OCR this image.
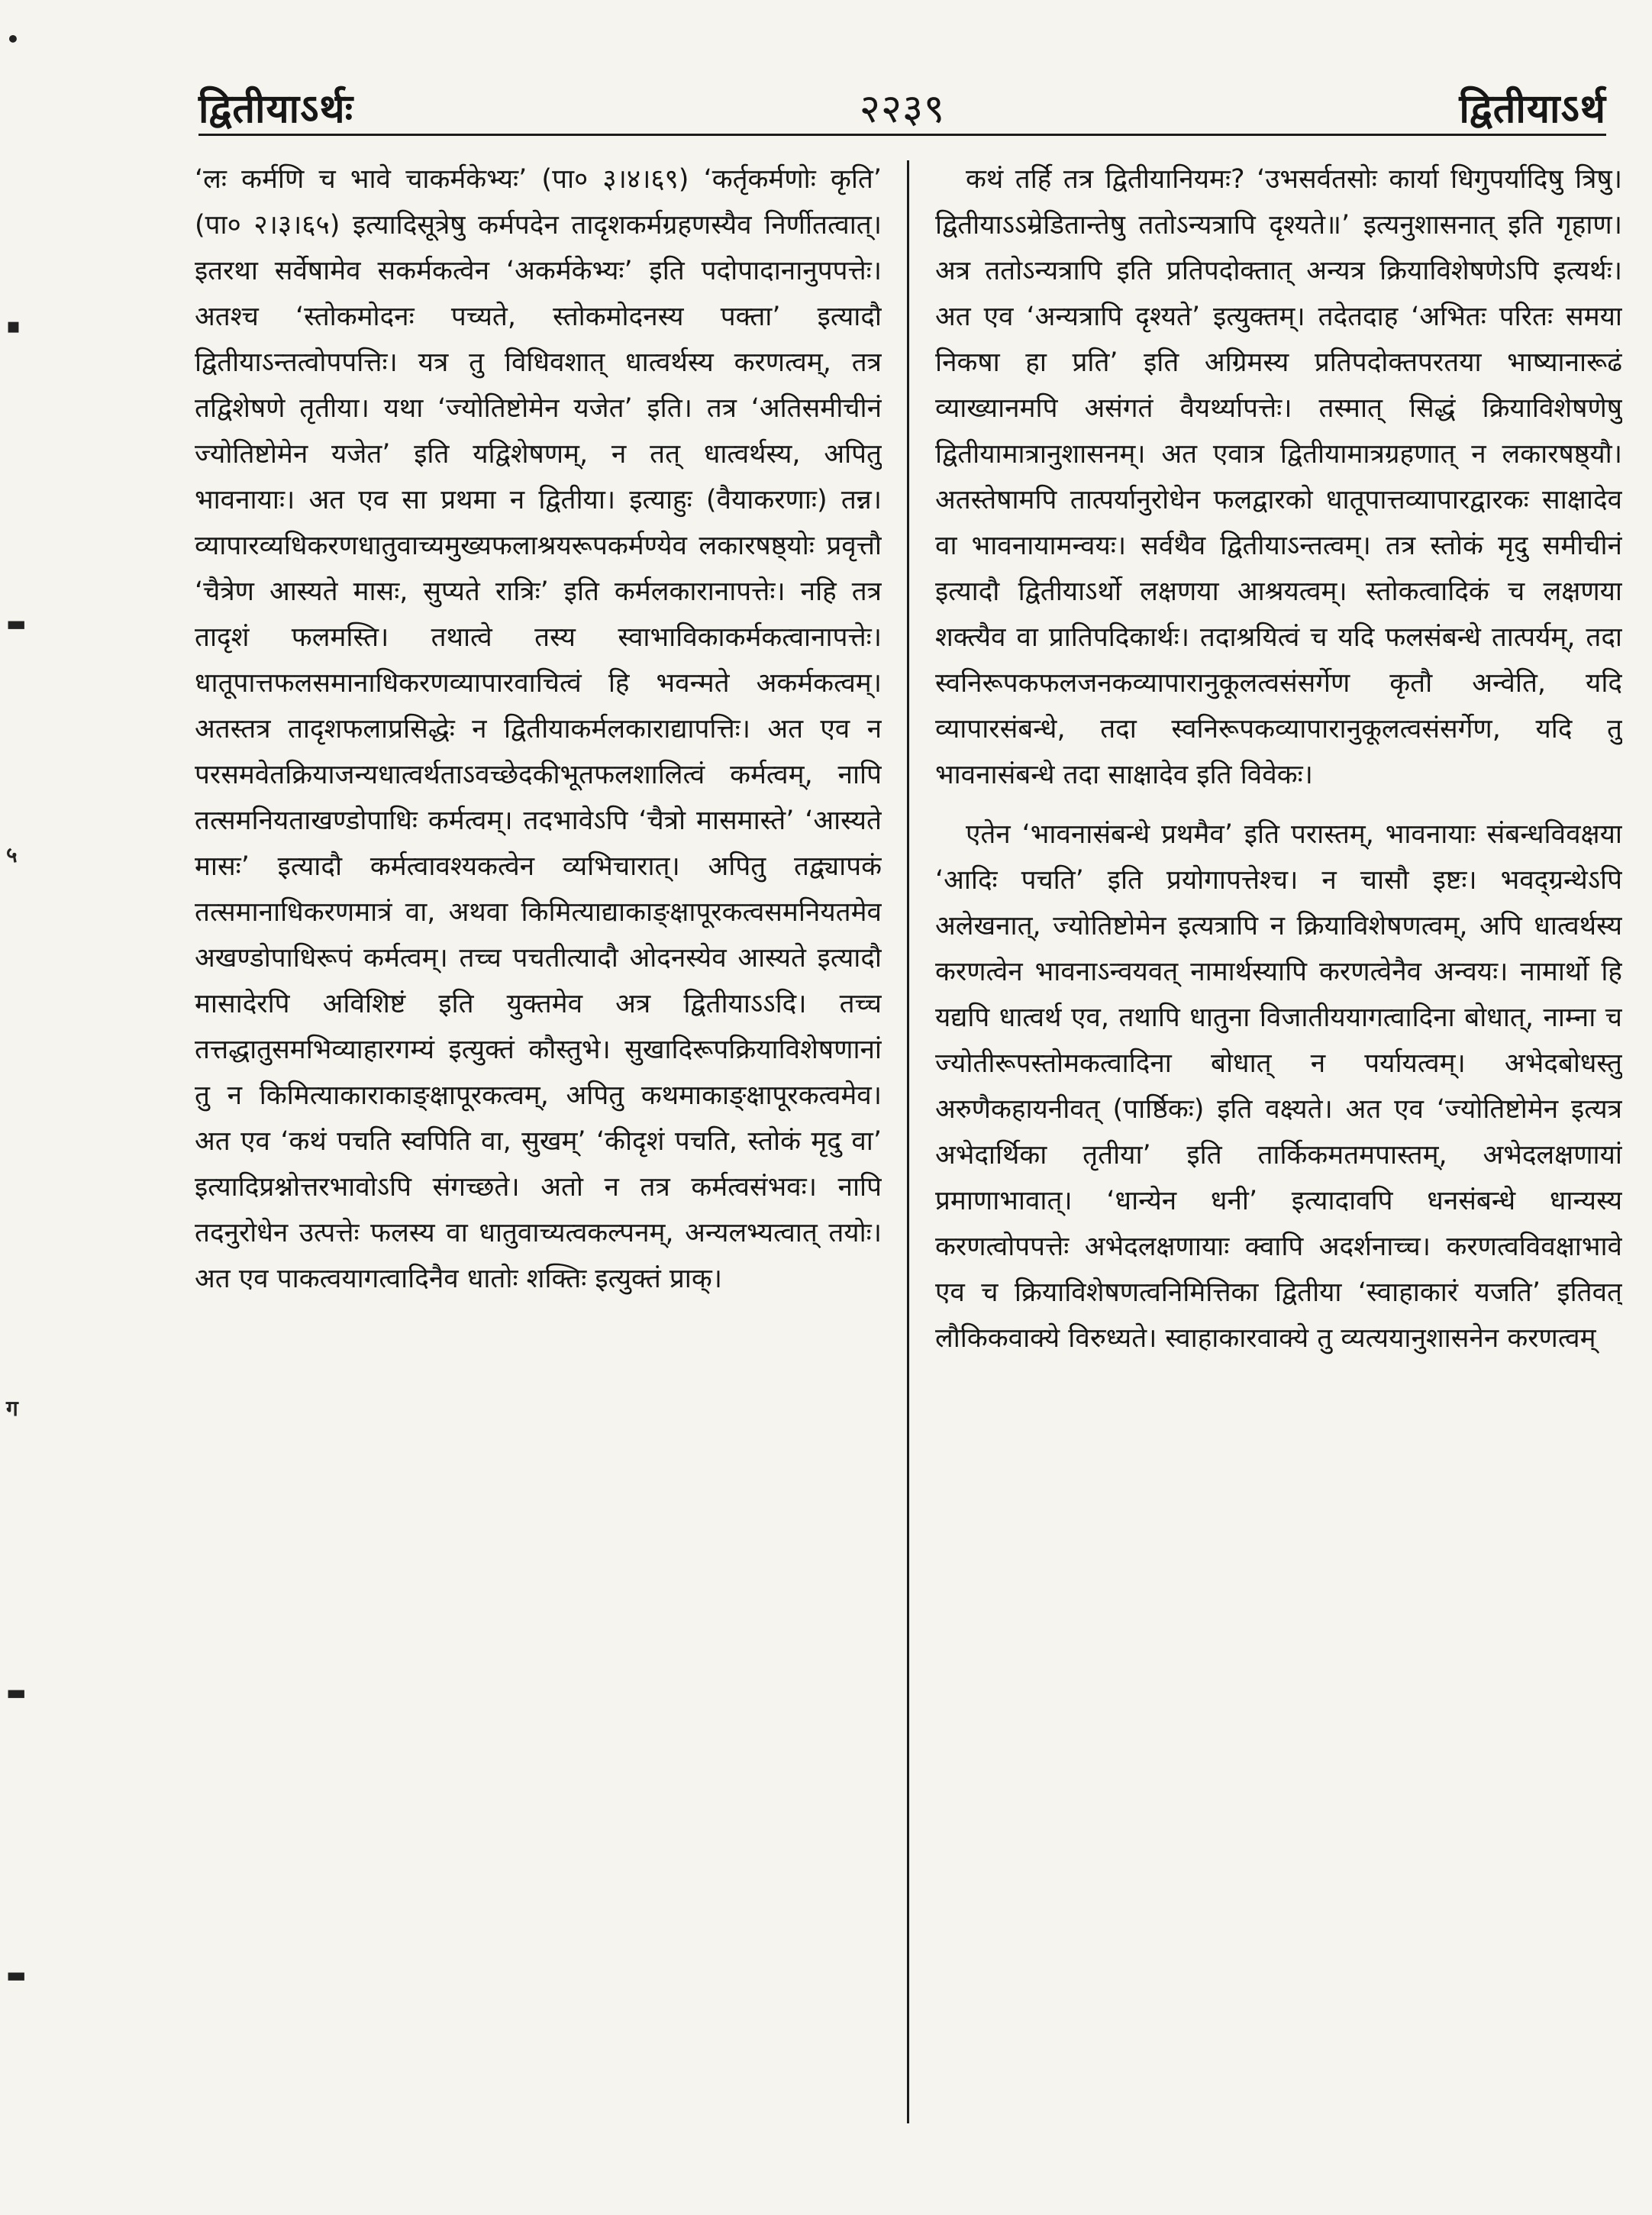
•
▪
▬
५
ग
▬
▬
द्वितीयाऽर्थः	२२३९	द्वितीयाऽर्थ

‘लः कर्मणि च भावे चाकर्मकेभ्यः’ (पा० ३।४।६९) ‘कर्तृकर्मणोः कृति’ (पा० २।३।६५) इत्यादिसूत्रेषु कर्मपदेन तादृशकर्मग्रहणस्यैव निर्णीतत्वात्। इतरथा सर्वेषामेव सकर्मकत्वेन ‘अकर्मकेभ्यः’ इति पदोपादानानुपपत्तेः। अतश्च ‘स्तोकमोदनः पच्यते, स्तोकमोदनस्य पक्ता’ इत्यादौ द्वितीयाऽन्तत्वोपपत्तिः। यत्र तु विधिवशात् धात्वर्थस्य करणत्वम्, तत्र तद्विशेषणे तृतीया। यथा ‘ज्योतिष्टोमेन यजेत’ इति। तत्र ‘अतिसमीचीनं ज्योतिष्टोमेन यजेत’ इति यद्विशेषणम्, न तत् धात्वर्थस्य, अपितु भावनायाः। अत एव सा प्रथमा न द्वितीया। इत्याहुः (वैयाकरणाः) तन्न। व्यापारव्यधिकरणधातुवाच्यमुख्यफलाश्रयरूपकर्मण्येव लकारषष्ठ्योः प्रवृत्तौ ‘चैत्रेण आस्यते मासः, सुप्यते रात्रिः’ इति कर्मलकारानापत्तेः। नहि तत्र तादृशं फलमस्ति। तथात्वे तस्य स्वाभाविकाकर्मकत्वानापत्तेः। धातूपात्तफलसमानाधिकरणव्यापारवाचित्वं हि भवन्मते अकर्मकत्वम्। अतस्तत्र तादृशफलाप्रसिद्धेः न द्वितीयाकर्मलकाराद्यापत्तिः। अत एव न परसमवेतक्रियाजन्यधात्वर्थताऽवच्छेदकीभूतफलशालित्वं कर्मत्वम्, नापि तत्समनियताखण्डोपाधिः कर्मत्वम्। तदभावेऽपि ‘चैत्रो मासमास्ते’ ‘आस्यते मासः’ इत्यादौ कर्मत्वावश्यकत्वेन व्यभिचारात्। अपितु तद्व्यापकं तत्समानाधिकरणमात्रं वा, अथवा किमित्याद्याकाङ्क्षापूरकत्वसमनियतमेव अखण्डोपाधिरूपं कर्मत्वम्। तच्च पचतीत्यादौ ओदनस्येव आस्यते इत्यादौ मासादेरपि अविशिष्टं इति युक्तमेव अत्र द्वितीयाऽऽदि। तच्च तत्तद्धातुसमभिव्याहारगम्यं इत्युक्तं कौस्तुभे। सुखादिरूपक्रियाविशेषणानां तु न किमित्याकाराकाङ्क्षापूरकत्वम्, अपितु कथमाकाङ्क्षापूरकत्वमेव। अत एव ‘कथं पचति स्वपिति वा, सुखम्’ ‘कीदृशं पचति, स्तोकं मृदु वा’ इत्यादिप्रश्नोत्तरभावोऽपि संगच्छते। अतो न तत्र कर्मत्वसंभवः। नापि तदनुरोधेन उत्पत्तेः फलस्य वा धातुवाच्यत्वकल्पनम्, अन्यलभ्यत्वात् तयोः। अत एव पाकत्वयागत्वादिनैव धातोः शक्तिः इत्युक्तं प्राक्।

कथं तर्हि तत्र द्वितीयानियमः? ‘उभसर्वतसोः कार्या धिगुपर्यादिषु त्रिषु। द्वितीयाऽऽम्रेडितान्तेषु ततोऽन्यत्रापि दृश्यते॥’ इत्यनुशासनात् इति गृहाण। अत्र ततोऽन्यत्रापि इति प्रतिपदोक्तात् अन्यत्र क्रियाविशेषणेऽपि इत्यर्थः। अत एव ‘अन्यत्रापि दृश्यते’ इत्युक्तम्। तदेतदाह ‘अभितः परितः समया निकषा हा प्रति’ इति अग्रिमस्य प्रतिपदोक्तपरतया भाष्यानारूढं व्याख्यानमपि असंगतं वैयर्थ्यापत्तेः। तस्मात् सिद्धं क्रियाविशेषणेषु द्वितीयामात्रानुशासनम्। अत एवात्र द्वितीयामात्रग्रहणात् न लकारषष्ठ्यौ। अतस्तेषामपि तात्पर्यानुरोधेन फलद्वारको धातूपात्तव्यापारद्वारकः साक्षादेव वा भावनायामन्वयः। सर्वथैव द्वितीयाऽन्तत्वम्। तत्र स्तोकं मृदु समीचीनं इत्यादौ द्वितीयाऽर्थो लक्षणया आश्रयत्वम्। स्तोकत्वादिकं च लक्षणया शक्त्यैव वा प्रातिपदिकार्थः। तदाश्रयित्वं च यदि फलसंबन्धे तात्पर्यम्, तदा स्वनिरूपकफलजनकव्यापारानुकूलत्वसंसर्गेण कृतौ अन्वेति, यदि व्यापारसंबन्धे, तदा स्वनिरूपकव्यापारानुकूलत्वसंसर्गेण, यदि तु भावनासंबन्धे तदा साक्षादेव इति विवेकः।

एतेन ‘भावनासंबन्धे प्रथमैव’ इति परास्तम्, भावनायाः संबन्धविवक्षया ‘आदिः पचति’ इति प्रयोगापत्तेश्च। न चासौ इष्टः। भवद्ग्रन्थेऽपि अलेखनात्, ज्योतिष्टोमेन इत्यत्रापि न क्रियाविशेषणत्वम्, अपि धात्वर्थस्य करणत्वेन भावनाऽन्वयवत् नामार्थस्यापि करणत्वेनैव अन्वयः। नामार्थो हि यद्यपि धात्वर्थ एव, तथापि धातुना विजातीययागत्वादिना बोधात्, नाम्ना च ज्योतीरूपस्तोमकत्वादिना बोधात् न पर्यायत्वम्। अभेदबोधस्तु अरुणैकहायनीवत् (पार्ष्ठिकः) इति वक्ष्यते। अत एव ‘ज्योतिष्टोमेन इत्यत्र अभेदार्थिका तृतीया’ इति तार्किकमतमपास्तम्, अभेदलक्षणायां प्रमाणाभावात्। ‘धान्येन धनी’ इत्यादावपि धनसंबन्धे धान्यस्य करणत्वोपपत्तेः अभेदलक्षणायाः क्वापि अदर्शनाच्च। करणत्वविवक्षाभावे एव च क्रियाविशेषणत्वनिमित्तिका द्वितीया ‘स्वाहाकारं यजति’ इतिवत् लौकिकवाक्ये विरुध्यते। स्वाहाकारवाक्ये तु व्यत्ययानुशासनेन करणत्वम्
